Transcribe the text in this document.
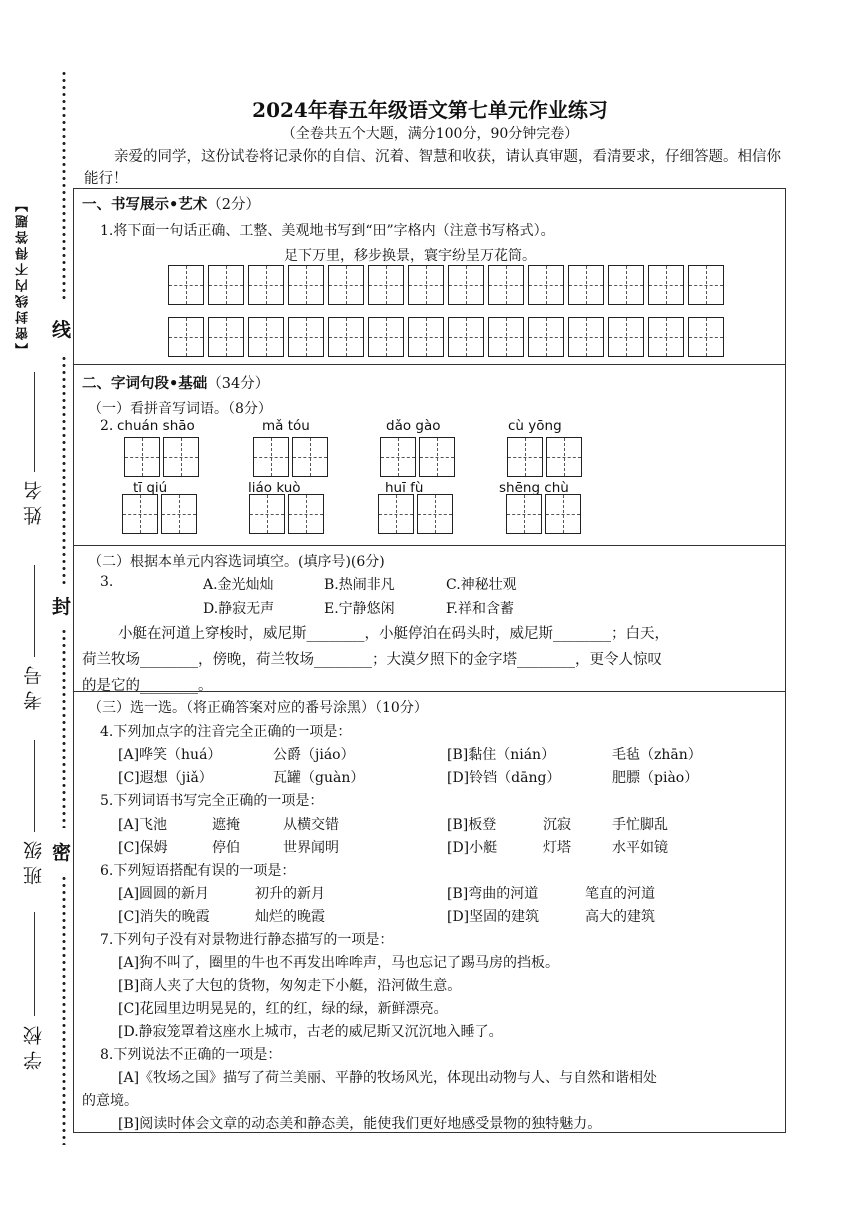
【密封线内不得答题】 线
封
密
姓名
考号
班级
学校
2024年春五年级语文第七单元作业练习
（全卷共五个大题，满分100分，90分钟完卷）
亲爱的同学，这份试卷将记录你的自信、沉着、智慧和收获，请认真审题，看清要求，仔细答题。相信你能行！
一、书写展示•艺术（2分）
1.将下面一句话正确、工整、美观地书写到“田”字格内（注意书写格式）。
足下万里，移步换景，寰宇纷呈万花筒。
二、字词句段•基础（34分）
（一）看拼音写词语。（8分）
2. chuán shāo	mǎ tóu	dǎo gào	cù yōng
tī qiú	liáo kuò	huī fù	shēng chù
（二）根据本单元内容选词填空。(填序号)(6分)
3.	A.金光灿灿	B.热闹非凡	C.神秘壮观
D.静寂无声	E.宁静悠闲	F.祥和含蓄
小艇在河道上穿梭时，威尼斯________，小艇停泊在码头时，威尼斯________；白天，
荷兰牧场________，傍晚，荷兰牧场________；大漠夕照下的金字塔________，更令人惊叹
的是它的________。
（三）选一选。（将正确答案对应的番号涂黑）（10分）
4.下列加点字的注音完全正确的一项是：
[A]哗笑（huá）	公爵（jiáo）	[B]黏住（nián）	毛毡（zhān）
[C]遐想（jiǎ）	瓦罐（guàn）	[D]铃铛（dāng）	肥膘（piào）
5.下列词语书写完全正确的一项是：
[A]飞池	遮掩	从横交错	[B]板登	沉寂	手忙脚乱
[C]保姆	停伯	世界闻明	[D]小艇	灯塔	水平如镜
6.下列短语搭配有误的一项是：
[A]圆圆的新月	初升的新月	[B]弯曲的河道	笔直的河道
[C]消失的晚霞	灿烂的晚霞	[D]坚固的建筑	高大的建筑
7.下列句子没有对景物进行静态描写的一项是：
[A]狗不叫了，圈里的牛也不再发出哞哞声，马也忘记了踢马房的挡板。
[B]商人夹了大包的货物，匆匆走下小艇，沿河做生意。
[C]花园里边明晃晃的，红的红，绿的绿，新鲜漂亮。
[D.静寂笼罩着这座水上城市，古老的威尼斯又沉沉地入睡了。
8.下列说法不正确的一项是：
[A]《牧场之国》描写了荷兰美丽、平静的牧场风光，体现出动物与人、与自然和谐相处
的意境。
[B]阅读时体会文章的动态美和静态美，能使我们更好地感受景物的独特魅力。
